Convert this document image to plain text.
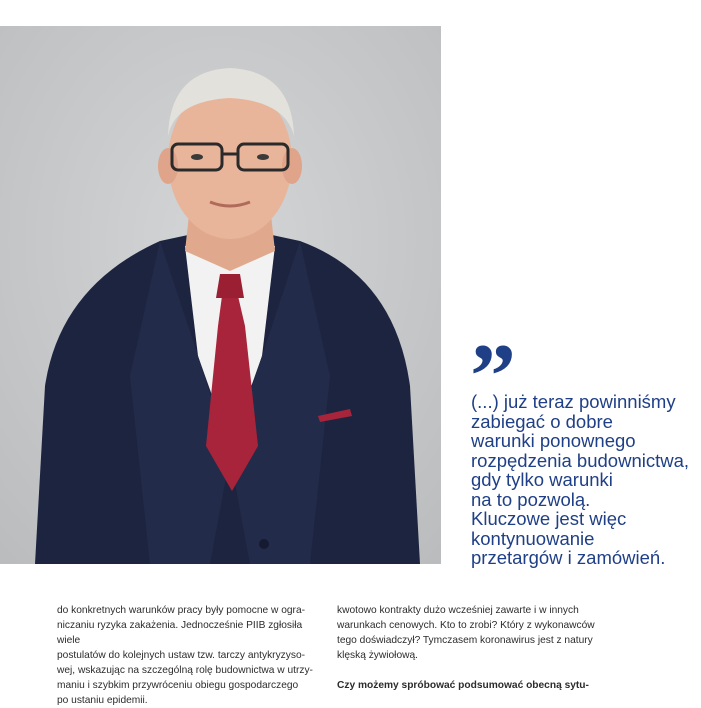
”

(...) już teraz powinniśmy
zabiegać o dobre
warunki ponownego
rozpędzenia budownictwa,
gdy tylko warunki
na to pozwolą.
Kluczowe jest więc
kontynuowanie
przetargów i zamówień.

do konkretnych warunków pracy były pomocne w ogra-
niczaniu ryzyka zakażenia. Jednocześnie PIIB zgłosiła wiele
postulatów do kolejnych ustaw tzw. tarczy antykryzyso-
wej, wskazując na szczególną rolę budownictwa w utrzy-
maniu i szybkim przywróceniu obiegu gospodarczego
po ustaniu epidemii.

kwotowo kontrakty dużo wcześniej zawarte i w innych
warunkach cenowych. Kto to zrobi? Który z wykonawców
tego doświadczył? Tymczasem koronawirus jest z natury
klęską żywiołową.

Czy możemy spróbować podsumować obecną sytu-
